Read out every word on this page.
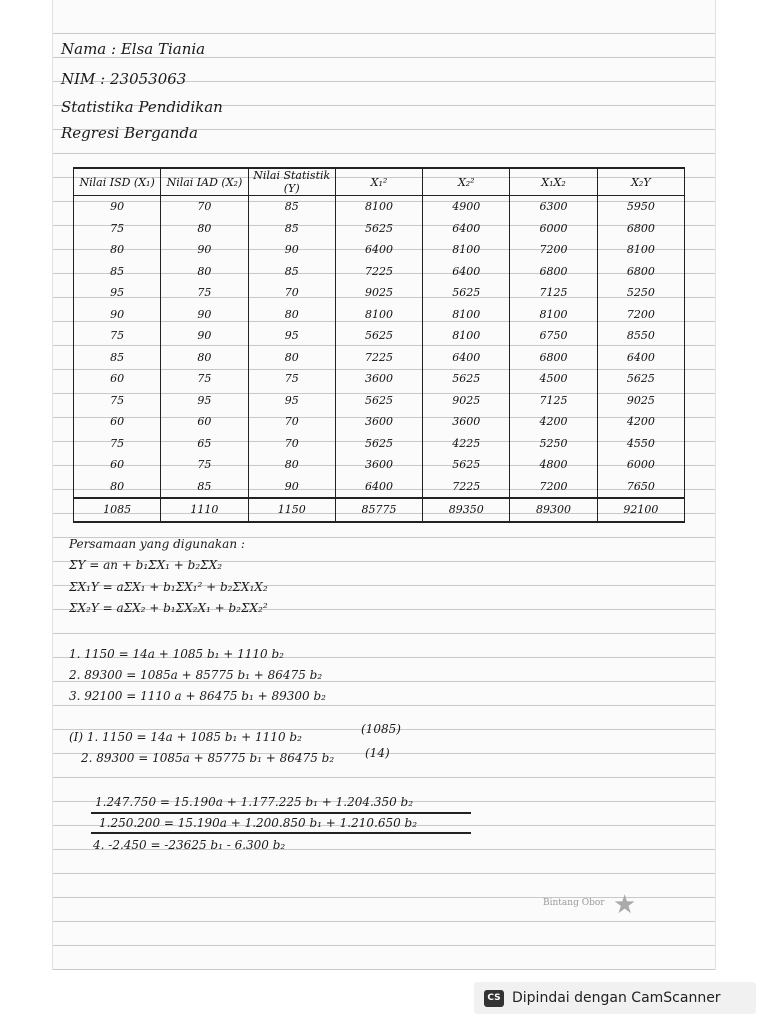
Nama : Elsa Tiania
NIM : 23053063
Statistika Pendidikan
Regresi Berganda
Nilai ISD (X₁)	Nilai IAD (X₂)	Nilai Statistik (Y)	X₁²	X₂²	X₁X₂	X₂Y
90	70	85	8100	4900	6300	5950
75	80	85	5625	6400	6000	6800
80	90	90	6400	8100	7200	8100
85	80	85	7225	6400	6800	6800
95	75	70	9025	5625	7125	5250
90	90	80	8100	8100	8100	7200
75	90	95	5625	8100	6750	8550
85	80	80	7225	6400	6800	6400
60	75	75	3600	5625	4500	5625
75	95	95	5625	9025	7125	9025
60	60	70	3600	3600	4200	4200
75	65	70	5625	4225	5250	4550
60	75	80	3600	5625	4800	6000
80	85	90	6400	7225	7200	7650
1085	1110	1150	85775	89350	89300	92100
Persamaan yang digunakan :
ΣY = an + b₁ΣX₁ + b₂ΣX₂
ΣX₁Y = aΣX₁ + b₁ΣX₁² + b₂ΣX₁X₂
ΣX₂Y = aΣX₂ + b₁ΣX₂X₁ + b₂ΣX₂²
1. 1150 = 14a + 1085 b₁ + 1110 b₂
2. 89300 = 1085a + 85775 b₁ + 86475 b₂
3. 92100 = 1110 a + 86475 b₁ + 89300 b₂
(I) 1. 1150 = 14a + 1085 b₁ + 1110 b₂
(1085)
2. 89300 = 1085a + 85775 b₁ + 86475 b₂	(14)
1.247.750 = 15.190a + 1.177.225 b₁ + 1.204.350 b₂
1.250.200 = 15.190a + 1.200.850 b₁ + 1.210.650 b₂
4. -2.450 = -23625 b₁ - 6.300 b₂
Bintang Obor ★
CS Dipindai dengan CamScanner
